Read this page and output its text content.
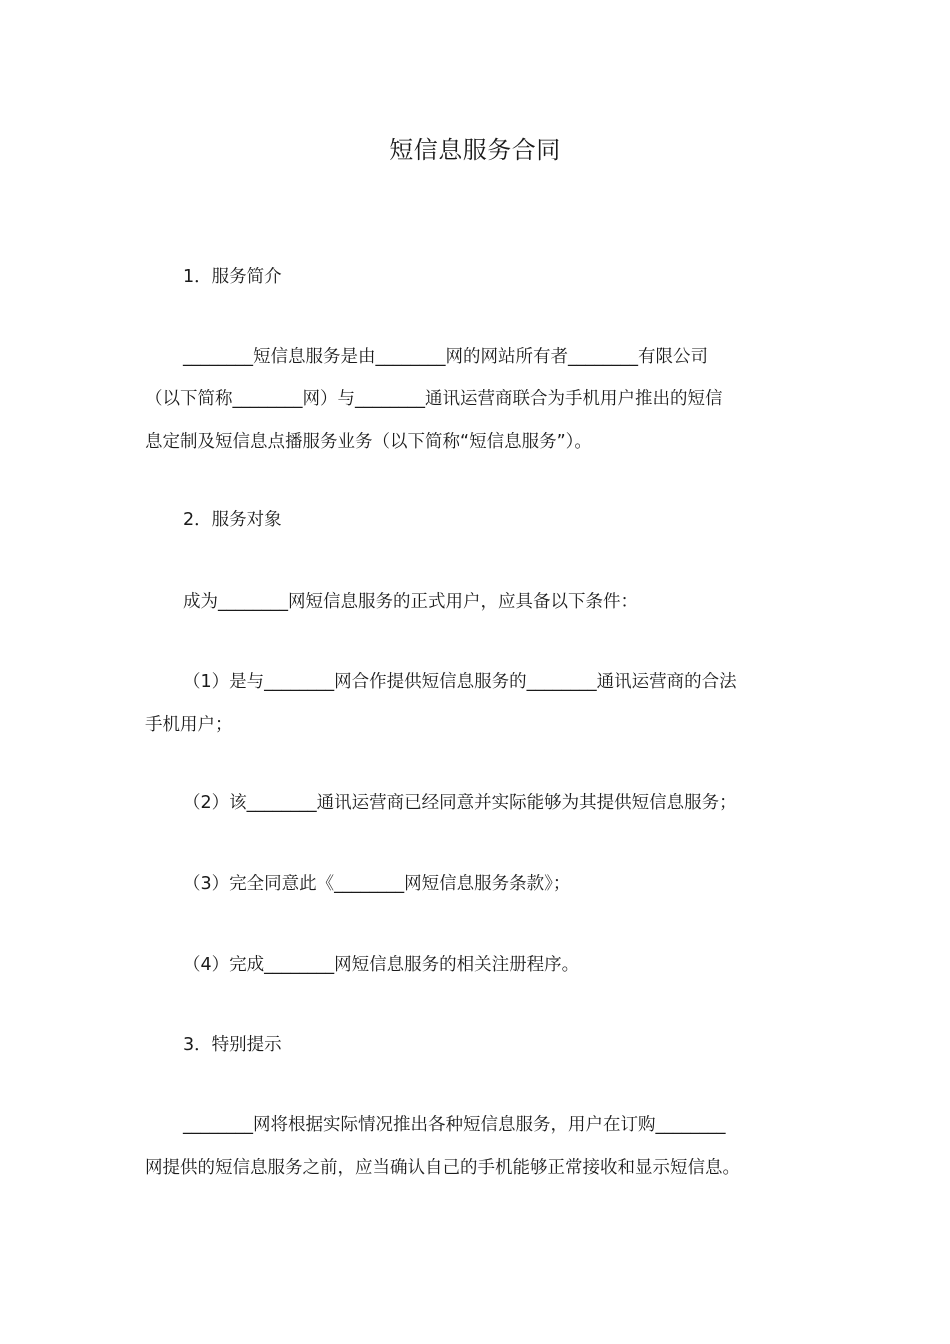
短信息服务合同
1．服务简介
________短信息服务是由________网的网站所有者________有限公司
（以下简称________网）与________通讯运营商联合为手机用户推出的短信
息定制及短信息点播服务业务（以下简称“短信息服务”）。
2．服务对象
成为________网短信息服务的正式用户，应具备以下条件：
（1）是与________网合作提供短信息服务的________通讯运营商的合法
手机用户；
（2）该________通讯运营商已经同意并实际能够为其提供短信息服务；
（3）完全同意此《________网短信息服务条款》；
（4）完成________网短信息服务的相关注册程序。
3．特别提示
________网将根据实际情况推出各种短信息服务，用户在订购________
网提供的短信息服务之前，应当确认自己的手机能够正常接收和显示短信息。
